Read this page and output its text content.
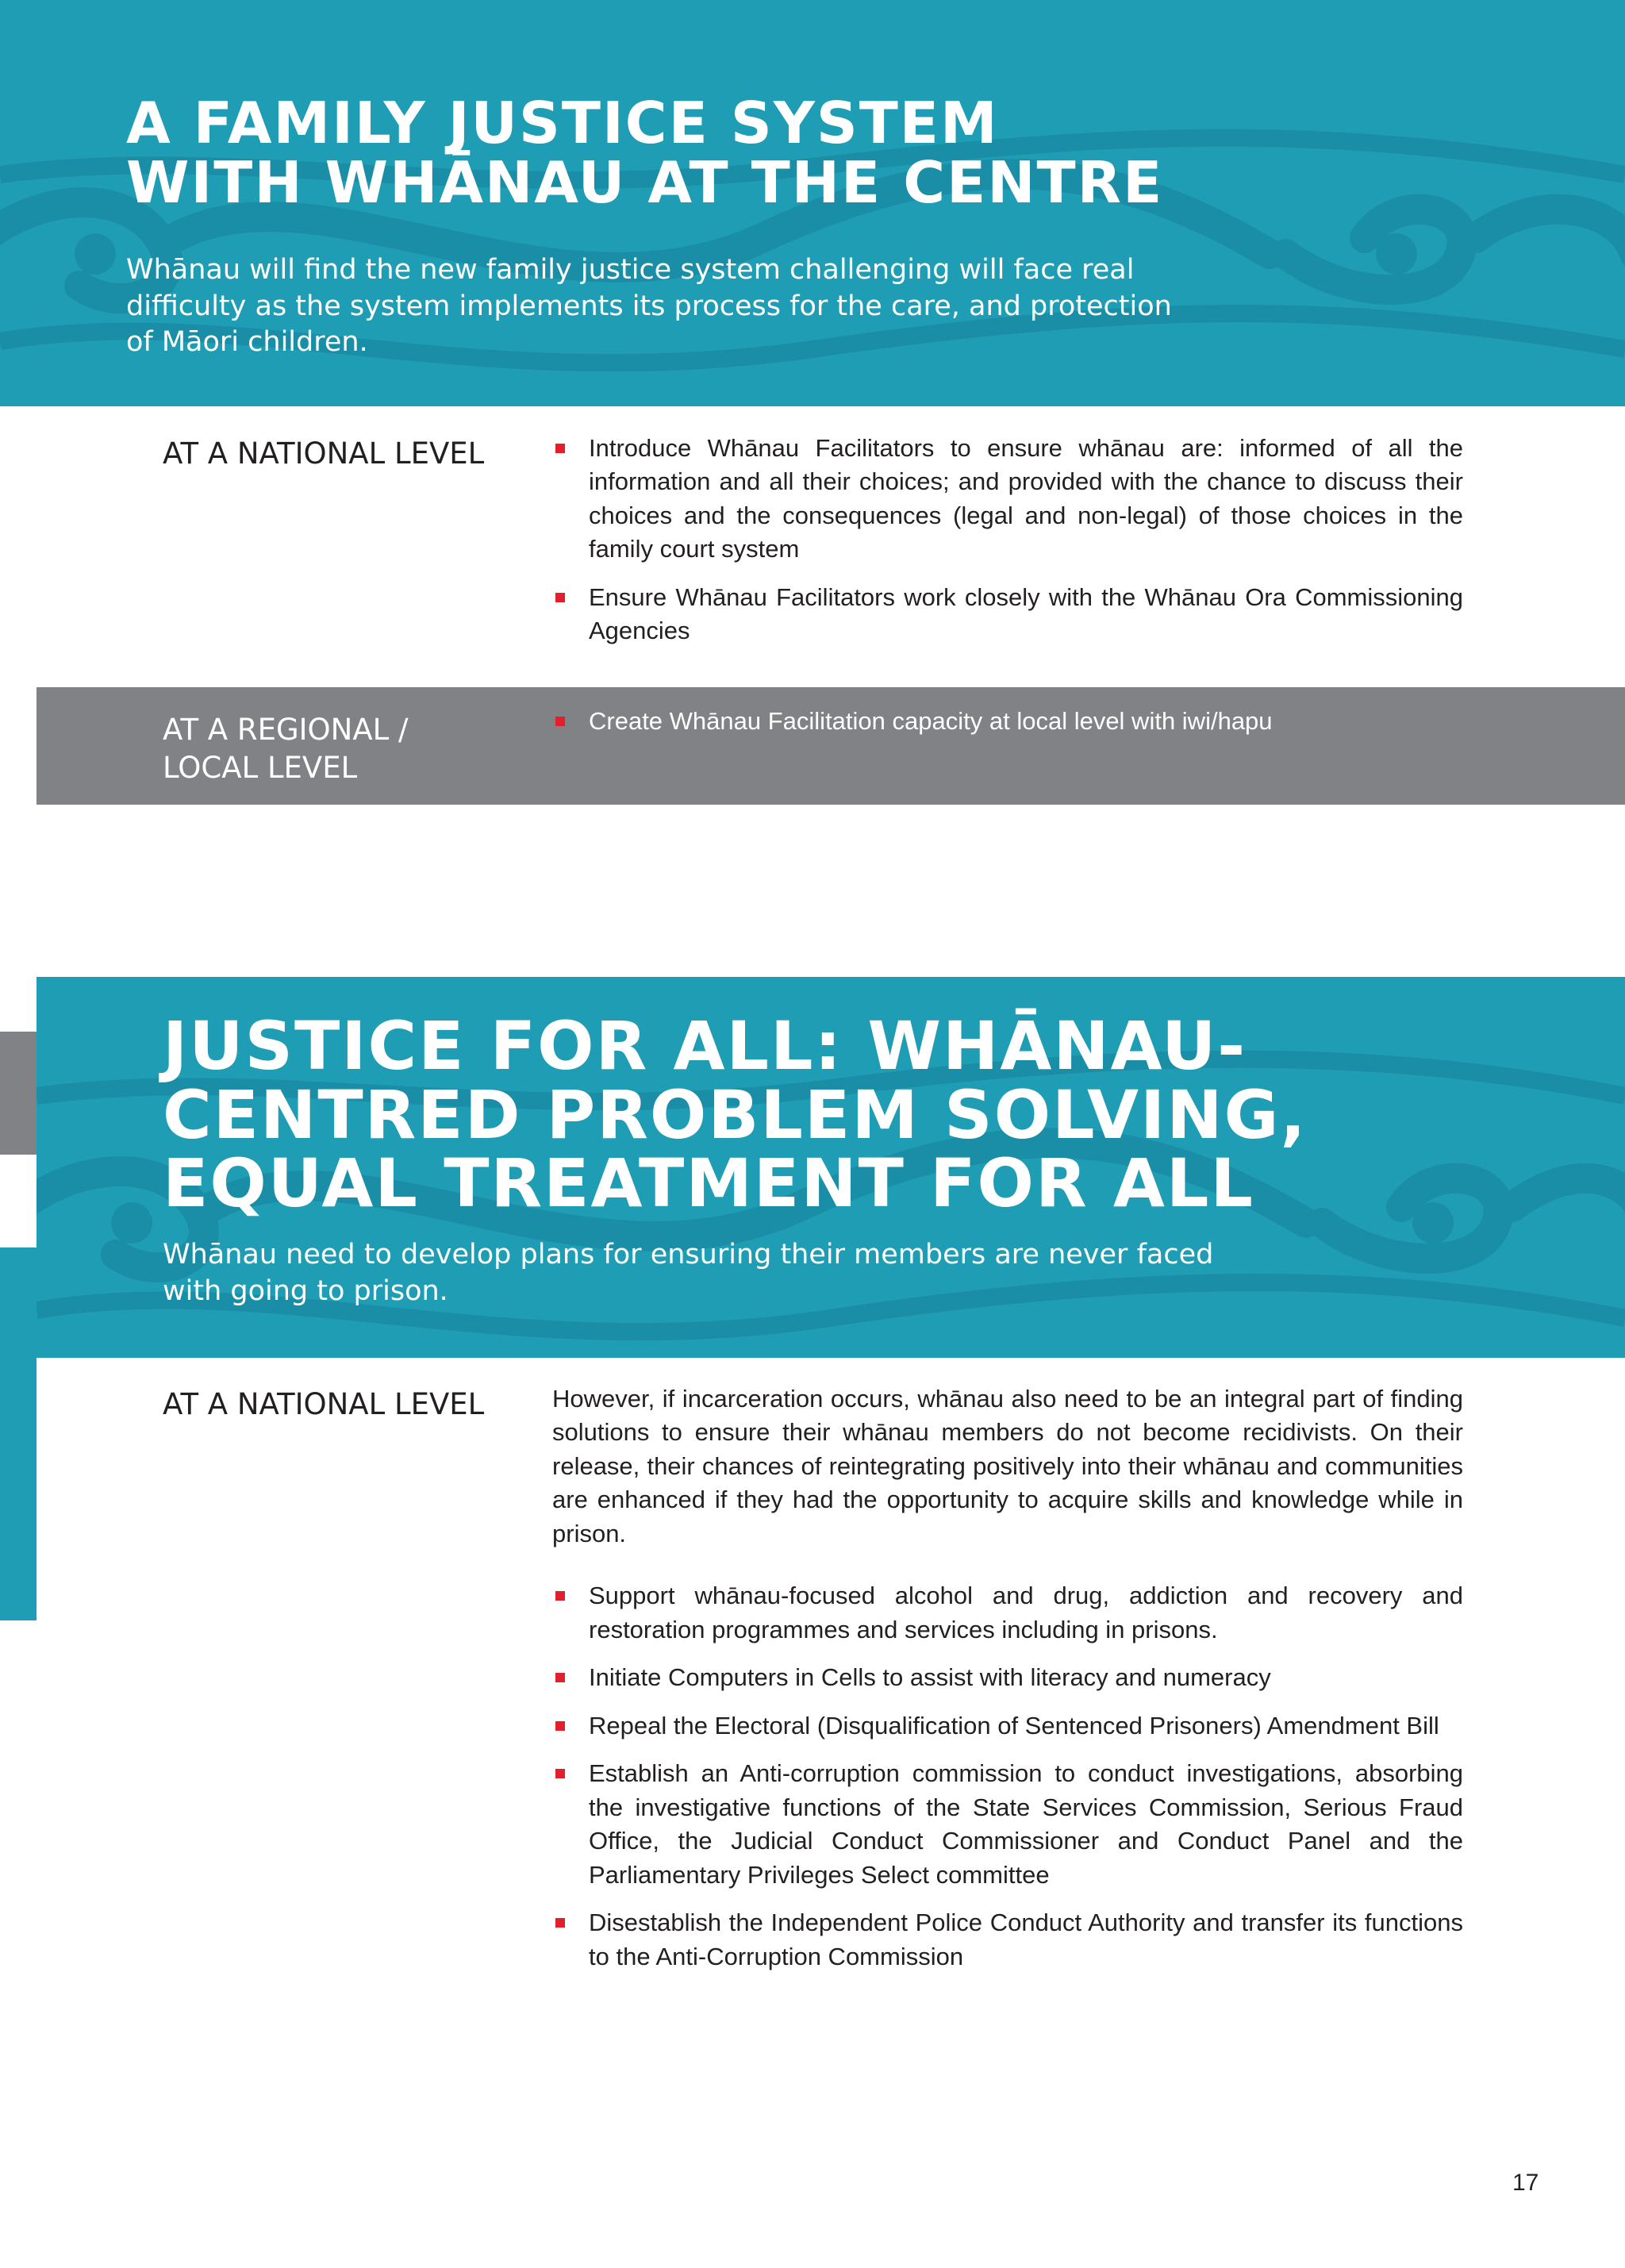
A FAMILY JUSTICE SYSTEM
WITH WHĀNAU AT THE CENTRE
Whānau will find the new family justice system challenging will face real difficulty as the system implements its process for the care, and protection of Māori children.
AT A NATIONAL LEVEL	Introduce Whānau Facilitators to ensure whānau are: informed of all the information and all their choices; and provided with the chance to discuss their choices and the consequences (legal and non-legal) of those choices in the family court system
Ensure Whānau Facilitators work closely with the Whānau Ora Commissioning Agencies
AT A REGIONAL /
LOCAL LEVEL
Create Whānau Facilitation capacity at local level with iwi/hapu
JUSTICE FOR ALL: WHĀNAU-
CENTRED PROBLEM SOLVING,
EQUAL TREATMENT FOR ALL
Whānau need to develop plans for ensuring their members are never faced with going to prison.
AT A NATIONAL LEVEL	However, if incarceration occurs, whānau also need to be an integral part of finding solutions to ensure their whānau members do not become recidivists. On their release, their chances of reintegrating positively into their whānau and communities are enhanced if they had the opportunity to acquire skills and knowledge while in prison.

Support whānau-focused alcohol and drug, addiction and recovery and restoration programmes and services including in prisons.
Initiate Computers in Cells to assist with literacy and numeracy
Repeal the Electoral (Disqualification of Sentenced Prisoners) Amendment Bill
Establish an Anti-corruption commission to conduct investigations, absorbing the investigative functions of the State Services Commission, Serious Fraud Office, the Judicial Conduct Commissioner and Conduct Panel and the Parliamentary Privileges Select committee
Disestablish the Independent Police Conduct Authority and transfer its functions to the Anti-Corruption Commission
17
